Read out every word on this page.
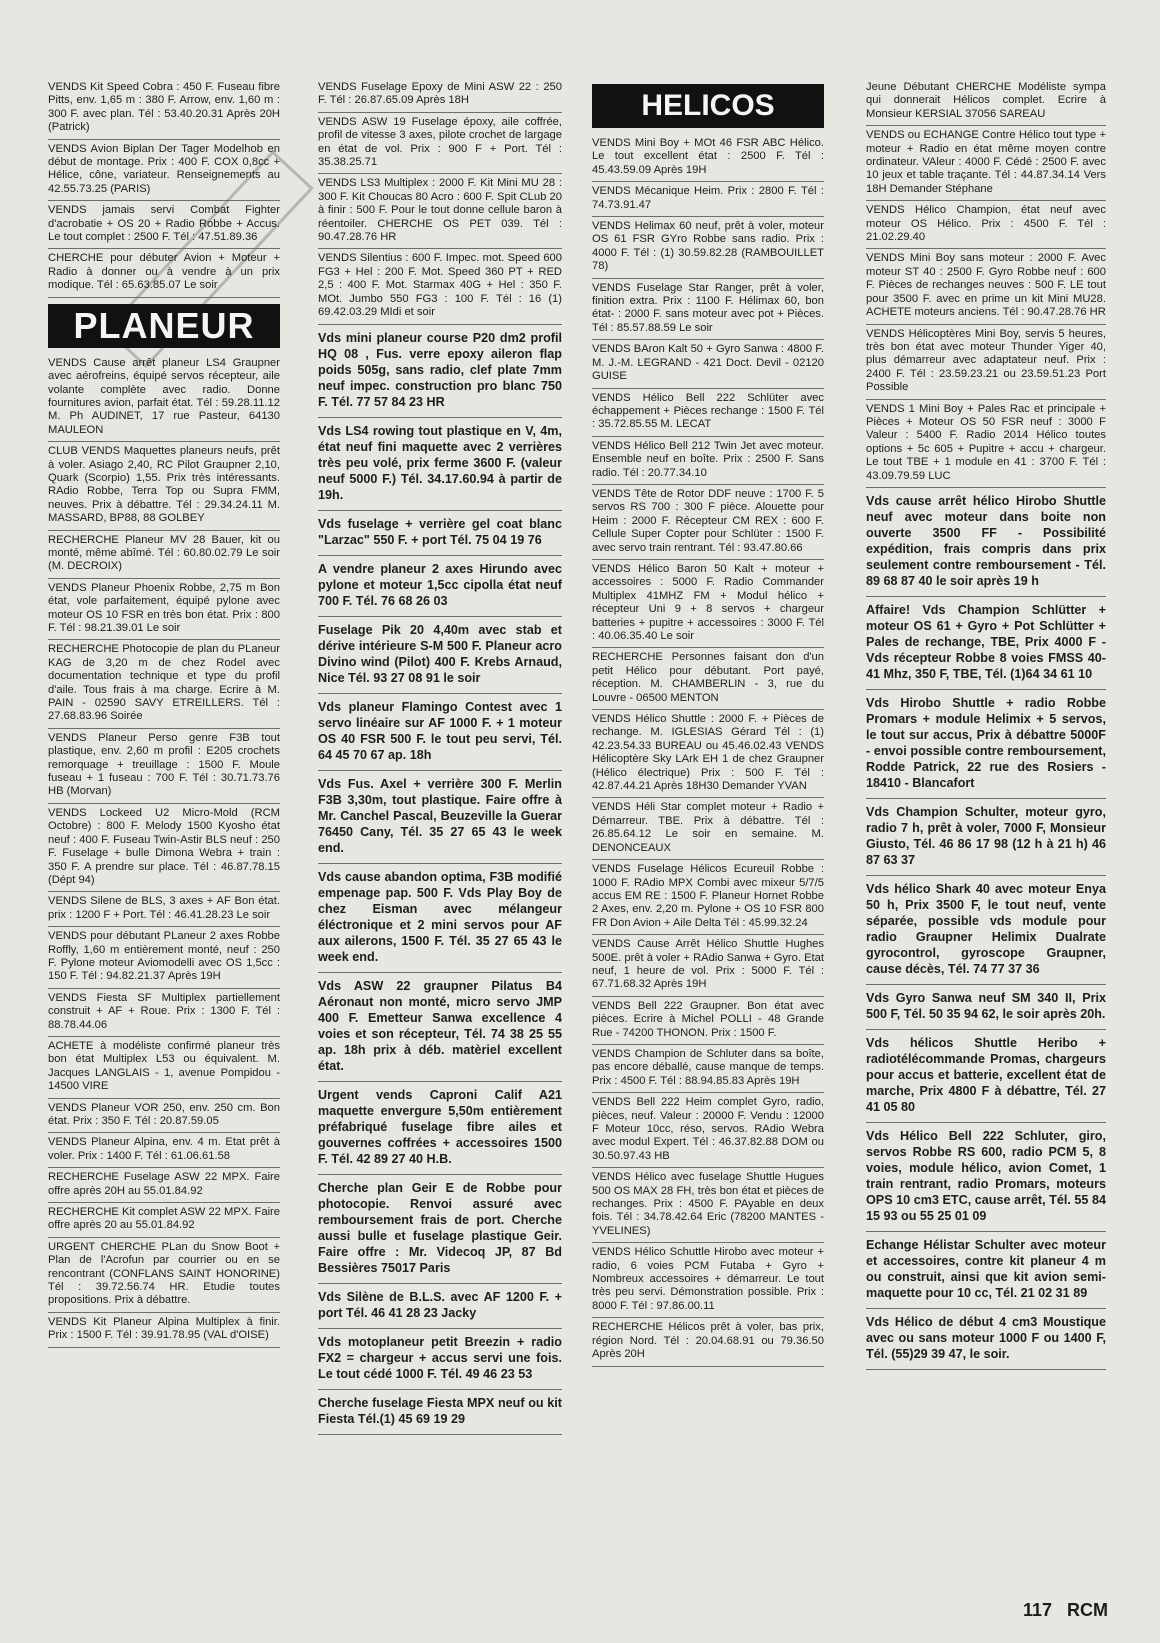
VENDS Kit Speed Cobra : 450 F. Fuseau fibre Pitts, env. 1,65 m : 380 F. Arrow, env. 1,60 m : 300 F. avec plan. Tél : 53.40.20.31 Après 20H (Patrick)
VENDS Avion Biplan Der Tager Modelhob en début de montage. Prix : 400 F. COX 0,8cc + Hélice, cône, variateur. Renseignements au 42.55.73.25 (PARIS)
VENDS jamais servi Combat Fighter d'acrobatie + OS 20 + Radio Robbe + Accus. Le tout complet : 2500 F. Tél : 47.51.89.36
CHERCHE pour débuter Avion + Moteur + Radio à donner ou à vendre à un prix modique. Tél : 65.63.85.07 Le soir
PLANEUR
VENDS Cause arrêt planeur LS4 Graupner avec aérofreins, équipé servos récepteur, aile volante complète avec radio. Donne fournitures avion, parfait état. Tél : 59.28.11.12 M. Ph AUDINET, 17 rue Pasteur, 64130 MAULEON
CLUB VENDS Maquettes planeurs neufs, prêt à voler. Asiago 2,40, RC Pilot Graupner 2,10, Quark (Scorpio) 1,55. Prix très intéressants. RAdio Robbe, Terra Top ou Supra FMM, neuves. Prix à débattre. Tél : 29.34.24.11 M. MASSARD, BP88, 88 GOLBEY
RECHERCHE Planeur MV 28 Bauer, kit ou monté, même abîmé. Tél : 60.80.02.79 Le soir (M. DECROIX)
VENDS Planeur Phoenix Robbe, 2,75 m Bon état, vole parfaitement, équipé pylone avec moteur OS 10 FSR en très bon état. Prix : 800 F. Tél : 98.21.39.01 Le soir
RECHERCHE Photocopie de plan du PLaneur KAG de 3,20 m de chez Rodel avec documentation technique et type du profil d'aile. Tous frais à ma charge. Ecrire à M. PAIN - 02590 SAVY ETREILLERS. Tél : 27.68.83.96 Soirée
VENDS Planeur Perso genre F3B tout plastique, env. 2,60 m profil : E205 crochets remorquage + treuillage : 1500 F. Moule fuseau + 1 fuseau : 700 F. Tél : 30.71.73.76 HB (Morvan)
VENDS Lockeed U2 Micro-Mold (RCM Octobre) : 800 F. Melody 1500 Kyosho état neuf : 400 F. Fuseau Twin-Astir BLS neuf : 250 F. Fuselage + bulle Dimona Webra + train : 350 F. A prendre sur place. Tél : 46.87.78.15 (Dépt 94)
VENDS Silene de BLS, 3 axes + AF Bon état. prix : 1200 F + Port. Tél : 46.41.28.23 Le soir
VENDS pour débutant PLaneur 2 axes Robbe Roffly, 1,60 m entièrement monté, neuf : 250 F. Pylone moteur Aviomodelli avec OS 1,5cc : 150 F. Tél : 94.82.21.37 Après 19H
VENDS Fiesta SF Multiplex partiellement construit + AF + Roue. Prix : 1300 F. Tél : 88.78.44.06
ACHETE à modéliste confirmé planeur très bon état Multiplex L53 ou équivalent. M. Jacques LANGLAIS - 1, avenue Pompidou - 14500 VIRE
VENDS Planeur VOR 250, env. 250 cm. Bon état. Prix : 350 F. Tél : 20.87.59.05
VENDS Planeur Alpina, env. 4 m. Etat prêt à voler. Prix : 1400 F. Tél : 61.06.61.58
RECHERCHE Fuselage ASW 22 MPX. Faire offre après 20H au 55.01.84.92
RECHERCHE Kit complet ASW 22 MPX. Faire offre après 20 au 55.01.84.92
URGENT CHERCHE PLan du Snow Boot + Plan de l'Acrofun par courrier ou en se rencontrant (CONFLANS SAINT HONORINE) Tél : 39.72.56.74 HR. Etudie toutes propositions. Prix à débattre.
VENDS Kit Planeur Alpina Multiplex à finir. Prix : 1500 F. Tél : 39.91.78.95 (VAL d'OISE)
VENDS Fuselage Epoxy de Mini ASW 22 : 250 F. Tél : 26.87.65.09 Après 18H
VENDS ASW 19 Fuselage époxy, aile coffrée, profil de vitesse 3 axes, pilote crochet de largage en état de vol. Prix : 900 F + Port. Tél : 35.38.25.71
VENDS LS3 Multiplex : 2000 F. Kit Mini MU 28 : 300 F. Kit Choucas 80 Acro : 600 F. Spit CLub 20 à finir : 500 F. Pour le tout donne cellule baron à réentoiler. CHERCHE OS PET 039. Tél : 90.47.28.76 HR
VENDS Silentius : 600 F. Impec. mot. Speed 600 FG3 + Hel : 200 F. Mot. Speed 360 PT + RED 2,5 : 400 F. Mot. Starmax 40G + Hel : 350 F. MOt. Jumbo 550 FG3 : 100 F. Tél : 16 (1) 69.42.03.29 MIdi et soir
Vds mini planeur course P20 dm2 profil HQ 08 , Fus. verre epoxy aileron flap poids 505g, sans radio, clef plate 7mm neuf impec. construction pro blanc 750 F. Tél. 77 57 84 23 HR
Vds LS4 rowing tout plastique en V, 4m, état neuf fini maquette avec 2 verrières très peu volé, prix ferme 3600 F. (valeur neuf 5000 F.) Tél. 34.17.60.94 à partir de 19h.
Vds fuselage + verrière gel coat blanc "Larzac" 550 F. + port Tél. 75 04 19 76
A vendre planeur 2 axes Hirundo avec pylone et moteur 1,5cc cipolla état neuf 700 F. Tél. 76 68 26 03
Fuselage Pik 20 4,40m avec stab et dérive intérieure S-M 500 F. Planeur acro Divino wind (Pilot) 400 F. Krebs Arnaud, Nice Tél. 93 27 08 91 le soir
Vds planeur Flamingo Contest avec 1 servo linéaire sur AF 1000 F. + 1 moteur OS 40 FSR 500 F. le tout peu servi, Tél. 64 45 70 67 ap. 18h
Vds Fus. Axel + verrière 300 F. Merlin F3B 3,30m, tout plastique. Faire offre à Mr. Canchel Pascal, Beuzeville la Guerar 76450 Cany, Tél. 35 27 65 43 le week end.
Vds cause abandon optima, F3B modifié empenage pap. 500 F. Vds Play Boy de chez Eisman avec mélangeur éléctronique et 2 mini servos pour AF aux ailerons, 1500 F. Tél. 35 27 65 43 le week end.
Vds ASW 22 graupner Pilatus B4 Aéronaut non monté, micro servo JMP 400 F. Emetteur Sanwa excellence 4 voies et son récepteur, Tél. 74 38 25 55 ap. 18h prix à déb. matèriel excellent état.
Urgent vends Caproni Calif A21 maquette envergure 5,50m entièrement préfabriqué fuselage fibre ailes et gouvernes coffrées + accessoires 1500 F. Tél. 42 89 27 40 H.B.
Cherche plan Geir E de Robbe pour photocopie. Renvoi assuré avec remboursement frais de port. Cherche aussi bulle et fuselage plastique Geir. Faire offre : Mr. Videcoq JP, 87 Bd Bessières 75017 Paris
Vds Silène de B.L.S. avec AF 1200 F. + port Tél. 46 41 28 23 Jacky
Vds motoplaneur petit Breezin + radio FX2 = chargeur + accus servi une fois. Le tout cédé 1000 F. Tél. 49 46 23 53
Cherche fuselage Fiesta MPX neuf ou kit Fiesta Tél.(1) 45 69 19 29
HELICOS
VENDS Mini Boy + MOt 46 FSR ABC Hélico. Le tout excellent état : 2500 F. Tél : 45.43.59.09 Après 19H
VENDS Mécanique Heim. Prix : 2800 F. Tél : 74.73.91.47
VENDS Helimax 60 neuf, prêt à voler, moteur OS 61 FSR GYro Robbe sans radio. Prix : 4000 F. Tél : (1) 30.59.82.28 (RAMBOUILLET 78)
VENDS Fuselage Star Ranger, prêt à voler, finition extra. Prix : 1100 F. Hélimax 60, bon état- : 2000 F. sans moteur avec pot + Pièces. Tél : 85.57.88.59 Le soir
VENDS BAron Kalt 50 + Gyro Sanwa : 4800 F. M. J.-M. LEGRAND - 421 Doct. Devil - 02120 GUISE
VENDS Hélico Bell 222 Schlüter avec échappement + Pièces rechange : 1500 F. Tél : 35.72.85.55 M. LECAT
VENDS Hélico Bell 212 Twin Jet avec moteur. Ensemble neuf en boîte. Prix : 2500 F. Sans radio. Tél : 20.77.34.10
VENDS Tête de Rotor DDF neuve : 1700 F. 5 servos RS 700 : 300 F pièce. Alouette pour Heim : 2000 F. Récepteur CM REX : 600 F. Cellule Super Copter pour Schlüter : 1500 F. avec servo train rentrant. Tél : 93.47.80.66
VENDS Hélico Baron 50 Kalt + moteur + accessoires : 5000 F. Radio Commander Multiplex 41MHZ FM + Modul hélico + récepteur Uni 9 + 8 servos + chargeur batteries + pupitre + accessoires : 3000 F. Tél : 40.06.35.40 Le soir
RECHERCHE Personnes faisant don d'un petit Hélico pour débutant. Port payé, réception. M. CHAMBERLIN - 3, rue du Louvre - 06500 MENTON
VENDS Hélico Shuttle : 2000 F. + Pièces de rechange. M. IGLESIAS Gérard Tél : (1) 42.23.54.33 BUREAU ou 45.46.02.43 VENDS Hélicoptère Sky LArk EH 1 de chez Graupner (Hélico électrique) Prix : 500 F. Tél : 42.87.44.21 Après 18H30 Demander YVAN
VENDS Héli Star complet moteur + Radio + Démarreur. TBE. Prix à débattre. Tél : 26.85.64.12 Le soir en semaine. M. DENONCEAUX
VENDS Fuselage Hélicos Ecureuil Robbe : 1000 F. RAdio MPX Combi avec mixeur 5/7/5 accus EM RE : 1500 F. Planeur Hornet Robbe 2 Axes, env. 2,20 m. Pylone + OS 10 FSR 800 FR Don Avion + Aile Delta Tél : 45.99.32.24
VENDS Cause Arrêt Hélico Shuttle Hughes 500E. prêt à voler + RAdio Sanwa + Gyro. Etat neuf, 1 heure de vol. Prix : 5000 F. Tél : 67.71.68.32 Après 19H
VENDS Bell 222 Graupner. Bon état avec pièces. Ecrire à Michel POLLI - 48 Grande Rue - 74200 THONON. Prix : 1500 F.
VENDS Champion de Schluter dans sa boîte, pas encore déballé, cause manque de temps. Prix : 4500 F. Tél : 88.94.85.83 Après 19H
VENDS Bell 222 Heim complet Gyro, radio, pièces, neuf. Valeur : 20000 F. Vendu : 12000 F Moteur 10cc, réso, servos. RAdio Webra avec modul Expert. Tél : 46.37.82.88 DOM ou 30.50.97.43 HB
VENDS Hélico avec fuselage Shuttle Hugues 500 OS MAX 28 FH, très bon état et pièces de rechanges. Prix : 4500 F. PAyable en deux fois. Tél : 34.78.42.64 Eric (78200 MANTES - YVELINES)
VENDS Hélico Schuttle Hirobo avec moteur + radio, 6 voies PCM Futaba + Gyro + Nombreux accessoires + démarreur. Le tout très peu servi. Démonstration possible. Prix : 8000 F. Tél : 97.86.00.11
RECHERCHE Hélicos prêt à voler, bas prix, région Nord. Tél : 20.04.68.91 ou 79.36.50 Après 20H
Jeune Débutant CHERCHE Modéliste sympa qui donnerait Hélicos complet. Ecrire à Monsieur KERSIAL 37056 SAREAU
VENDS ou ECHANGE Contre Hélico tout type + moteur + Radio en état même moyen contre ordinateur. VAleur : 4000 F. Cédé : 2500 F. avec 10 jeux et table traçante. Tél : 44.87.34.14 Vers 18H Demander Stéphane
VENDS Hélico Champion, état neuf avec moteur OS Hélico. Prix : 4500 F. Tél : 21.02.29.40
VENDS Mini Boy sans moteur : 2000 F. Avec moteur ST 40 : 2500 F. Gyro Robbe neuf : 600 F. Pièces de rechanges neuves : 500 F. LE tout pour 3500 F. avec en prime un kit Mini MU28. ACHETE moteurs anciens. Tél : 90.47.28.76 HR
VENDS Hélicoptères Mini Boy, servis 5 heures, très bon état avec moteur Thunder Yiger 40, plus démarreur avec adaptateur neuf. Prix : 2400 F. Tél : 23.59.23.21 ou 23.59.51.23 Port Possible
VENDS 1 Mini Boy + Pales Rac et principale + Pièces + Moteur OS 50 FSR neuf : 3000 F Valeur : 5400 F. Radio 2014 Hélico toutes options + 5c 605 + Pupitre + accu + chargeur. Le tout TBE + 1 module en 41 : 3700 F. Tél : 43.09.79.59 LUC
Vds cause arrêt hélico Hirobo Shuttle neuf avec moteur dans boite non ouverte 3500 FF - Possibilité expédition, frais compris dans prix seulement contre remboursement - Tél. 89 68 87 40 le soir après 19 h
Affaire! Vds Champion Schlütter + moteur OS 61 + Gyro + Pot Schlütter + Pales de rechange, TBE, Prix 4000 F - Vds récepteur Robbe 8 voies FMSS 40-41 Mhz, 350 F, TBE, Tél. (1)64 34 61 10
Vds Hirobo Shuttle + radio Robbe Promars + module Helimix + 5 servos, le tout sur accus, Prix à débattre 5000F - envoi possible contre remboursement, Rodde Patrick, 22 rue des Rosiers - 18410 - Blancafort
Vds Champion Schulter, moteur gyro, radio 7 h, prêt à voler, 7000 F, Monsieur Giusto, Tél. 46 86 17 98 (12 h à 21 h) 46 87 63 37
Vds hélico Shark 40 avec moteur Enya 50 h, Prix 3500 F, le tout neuf, vente séparée, possible vds module pour radio Graupner Helimix Dualrate gyrocontrol, gyroscope Graupner, cause décès, Tél. 74 77 37 36
Vds Gyro Sanwa neuf SM 340 II, Prix 500 F, Tél. 50 35 94 62, le soir après 20h.
Vds hélicos Shuttle Heribo + radiotélécommande Promas, chargeurs pour accus et batterie, excellent état de marche, Prix 4800 F à débattre, Tél. 27 41 05 80
Vds Hélico Bell 222 Schluter, giro, servos Robbe RS 600, radio PCM 5, 8 voies, module hélico, avion Comet, 1 train rentrant, radio Promars, moteurs OPS 10 cm3 ETC, cause arrêt, Tél. 55 84 15 93 ou 55 25 01 09
Echange Hélistar Schulter avec moteur et accessoires, contre kit planeur 4 m ou construit, ainsi que kit avion semi-maquette pour 10 cc, Tél. 21 02 31 89
Vds Hélico de début 4 cm3 Moustique avec ou sans moteur 1000 F ou 1400 F, Tél. (55)29 39 47, le soir.
117 RCM
